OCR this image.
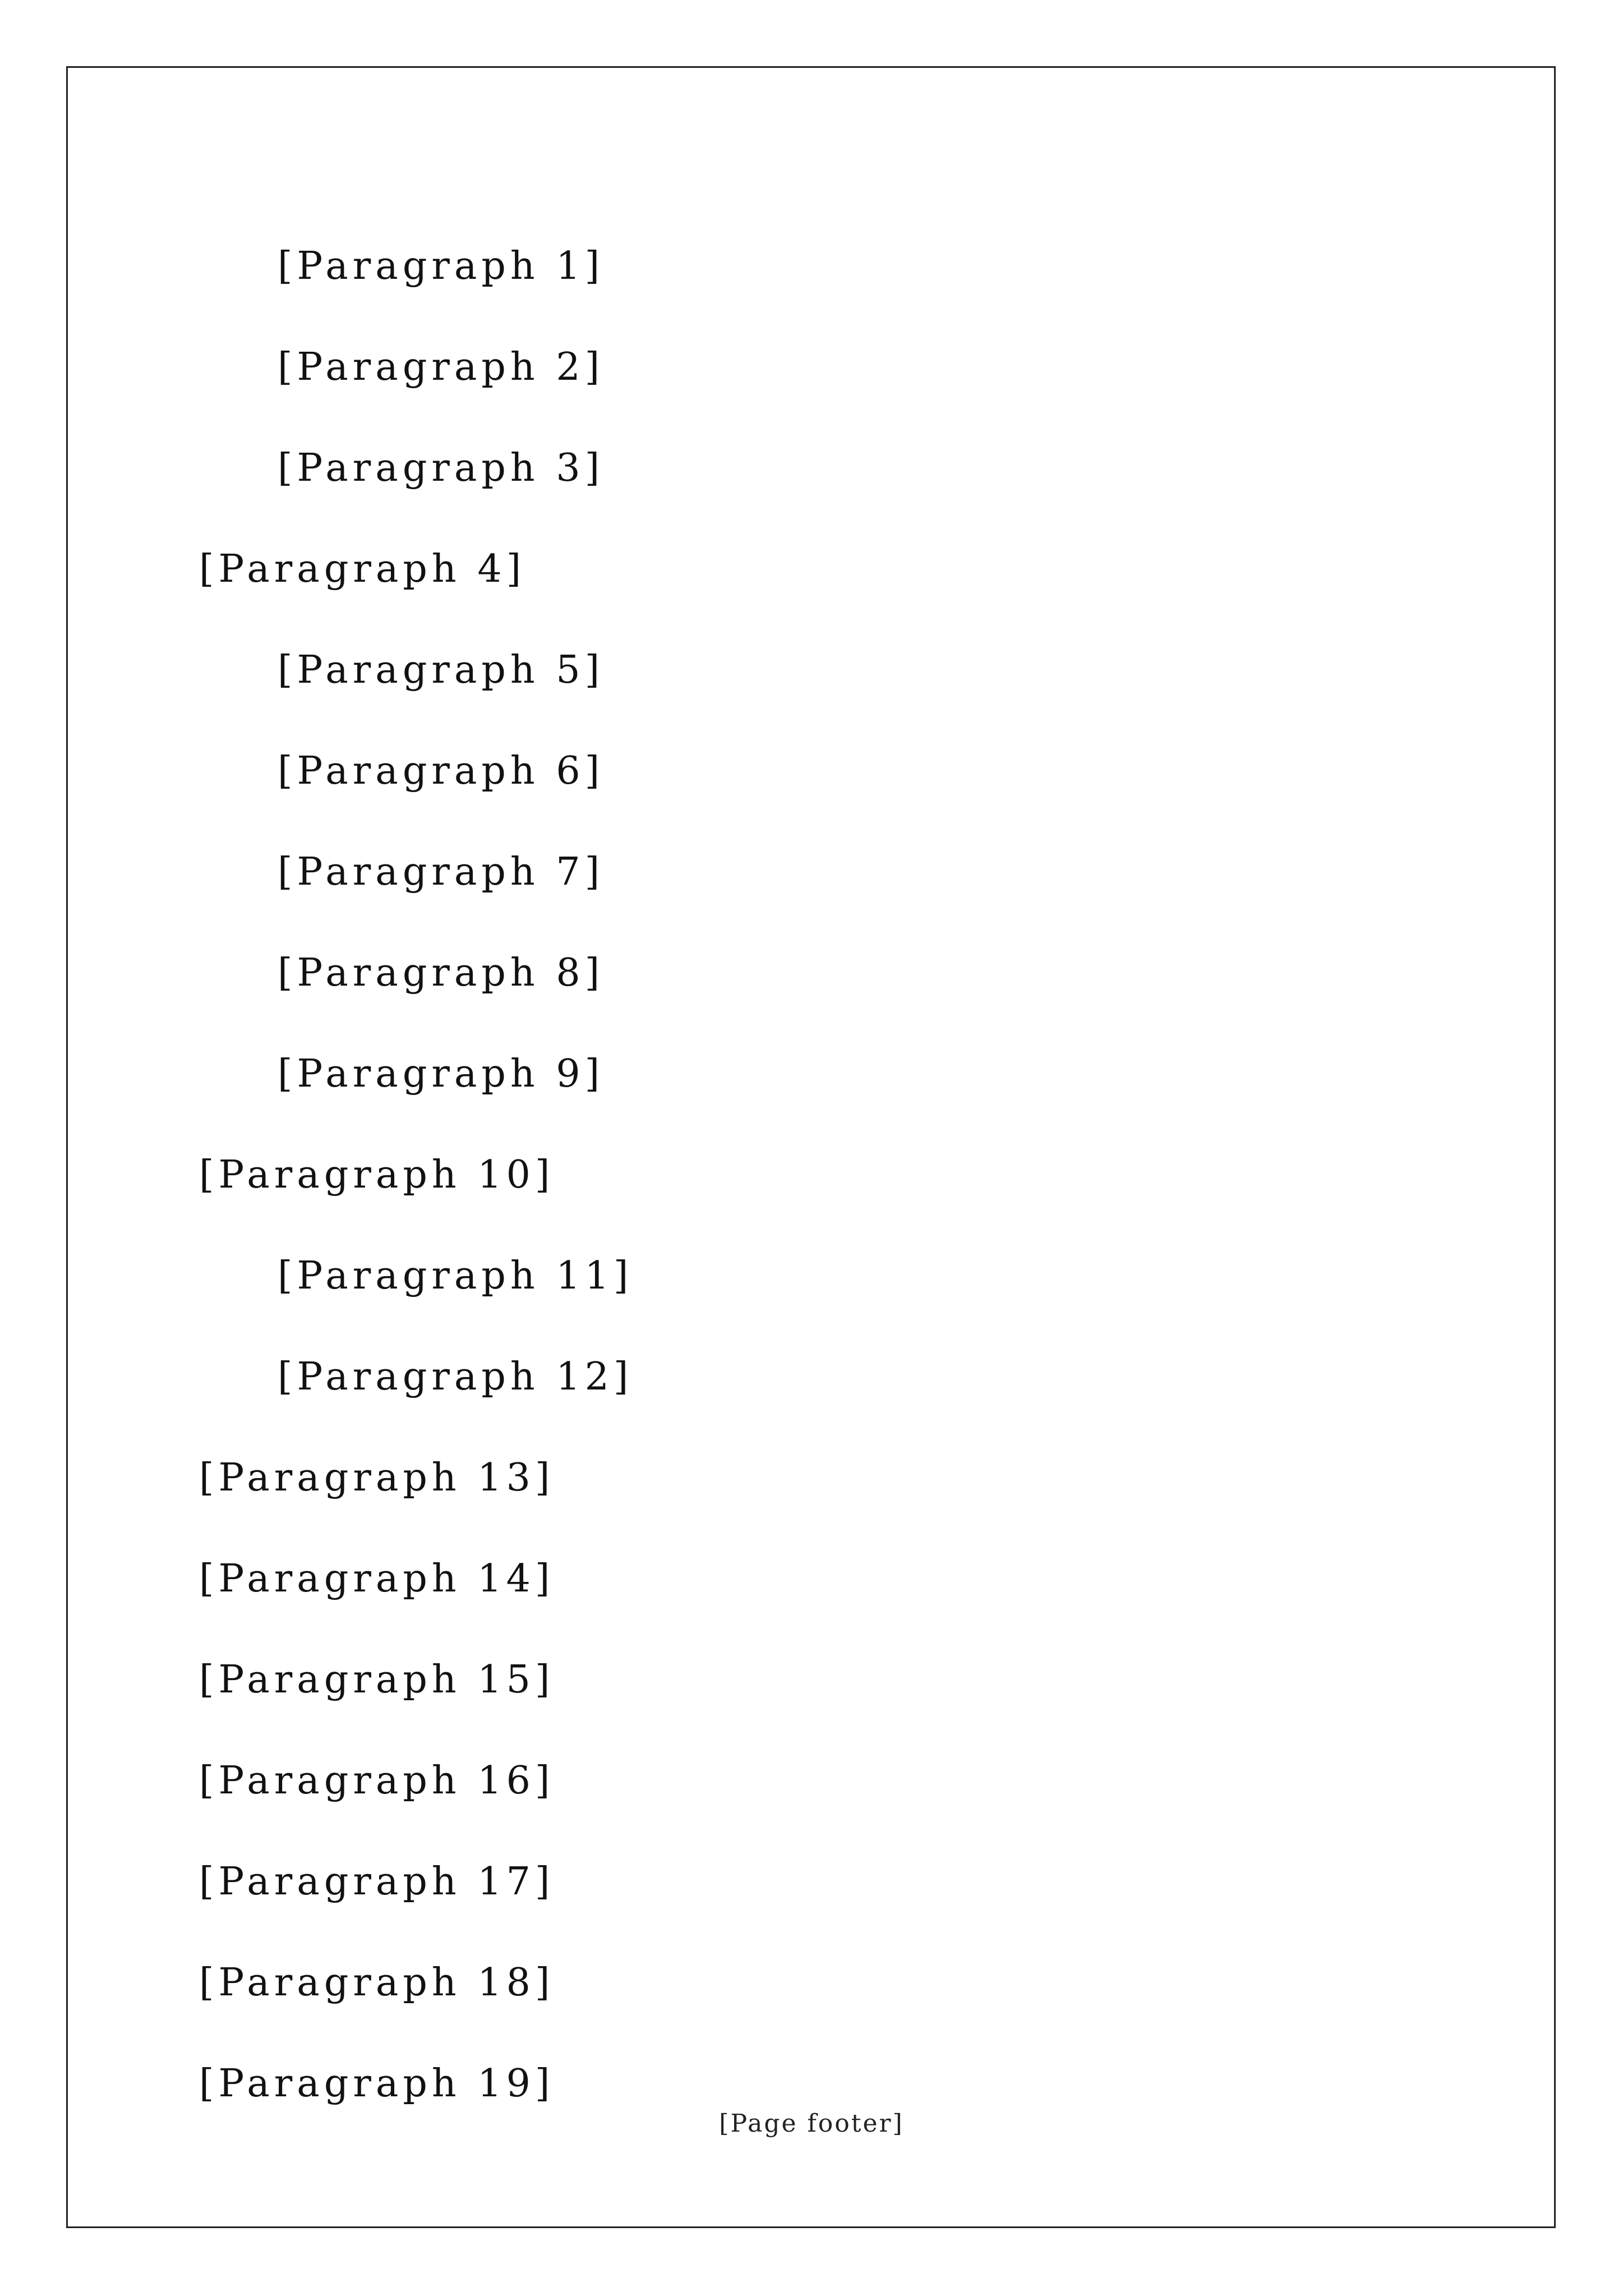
[Paragraph 1]

[Paragraph 2]

[Paragraph 3]

[Paragraph 4]

[Paragraph 5]

[Paragraph 6]

[Paragraph 7]

[Paragraph 8]

[Paragraph 9]

[Paragraph 10]

[Paragraph 11]

[Paragraph 12]

[Paragraph 13]

[Paragraph 14]

[Paragraph 15]

[Paragraph 16]

[Paragraph 17]

[Paragraph 18]

[Paragraph 19]

[Page footer]
